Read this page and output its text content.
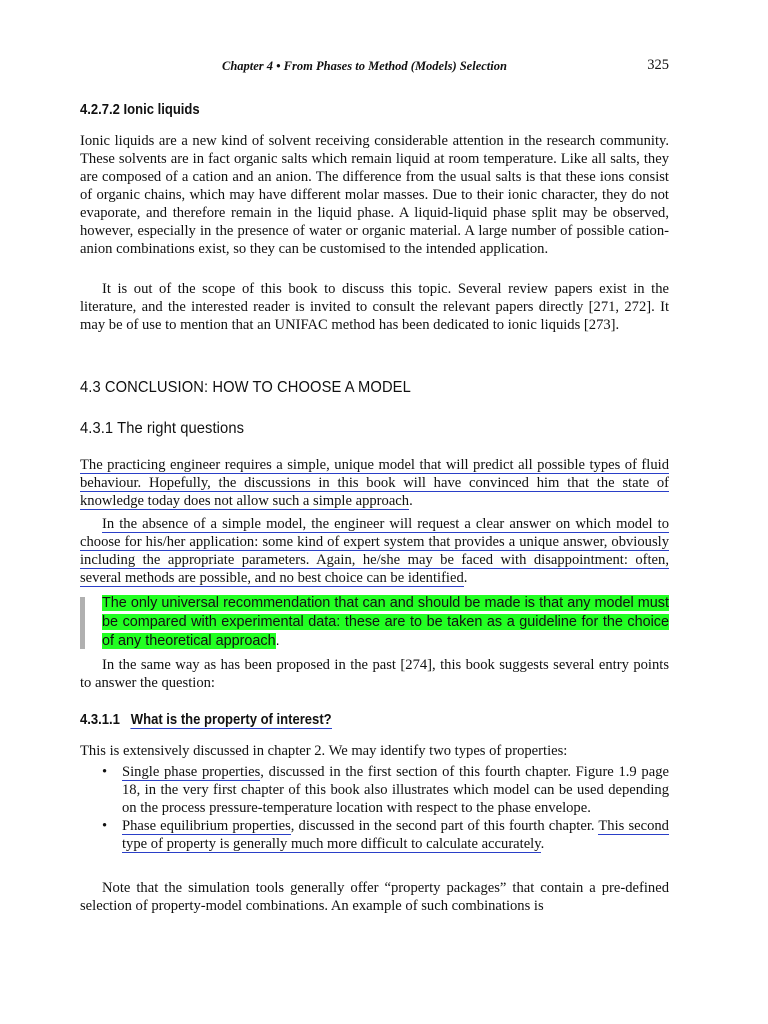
Chapter 4 • From Phases to Method (Models) Selection	325
4.2.7.2 Ionic liquids

Ionic liquids are a new kind of solvent receiving considerable attention in the research community. These solvents are in fact organic salts which remain liquid at room temperature. Like all salts, they are composed of a cation and an anion. The difference from the usual salts is that these ions consist of organic chains, which may have different molar masses. Due to their ionic character, they do not evaporate, and therefore remain in the liquid phase. A liquid-liquid phase split may be observed, however, especially in the presence of water or organic material. A large number of possible cation-anion combinations exist, so they can be customised to the intended application.

It is out of the scope of this book to discuss this topic. Several review papers exist in the literature, and the interested reader is invited to consult the relevant papers directly [271, 272]. It may be of use to mention that an UNIFAC method has been dedicated to ionic liquids [273].

4.3 CONCLUSION: HOW TO CHOOSE A MODEL
4.3.1 The right questions

The practicing engineer requires a simple, unique model that will predict all possible types of fluid behaviour. Hopefully, the discussions in this book will have convinced him that the state of knowledge today does not allow such a simple approach.

In the absence of a simple model, the engineer will request a clear answer on which model to choose for his/her application: some kind of expert system that provides a unique answer, obviously including the appropriate parameters. Again, he/she may be faced with disappointment: often, several methods are possible, and no best choice can be identified.

The only universal recommendation that can and should be made is that any model must be compared with experimental data: these are to be taken as a guideline for the choice of any theoretical approach.

In the same way as has been proposed in the past [274], this book suggests several entry points to answer the question:

4.3.1.1 What is the property of interest?

This is extensively discussed in chapter 2. We may identify two types of properties:

• Single phase properties, discussed in the first section of this fourth chapter. Figure 1.9 page 18, in the very first chapter of this book also illustrates which model can be used depending on the process pressure-temperature location with respect to the phase envelope.
• Phase equilibrium properties, discussed in the second part of this fourth chapter. This second type of property is generally much more difficult to calculate accurately.

Note that the simulation tools generally offer “property packages” that contain a pre-defined selection of property-model combinations. An example of such combinations is
